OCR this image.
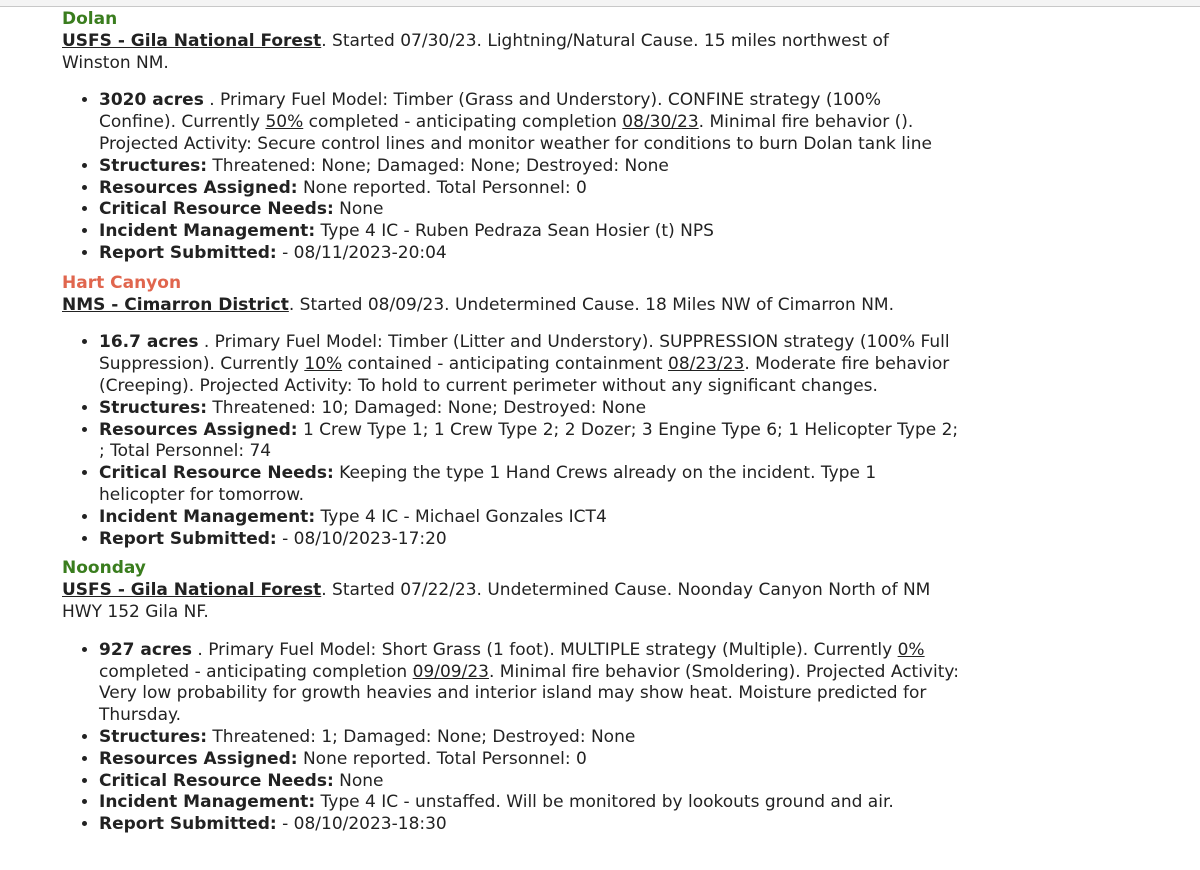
Dolan
USFS - Gila National Forest. Started 07/30/23. Lightning/Natural Cause. 15 miles northwest of Winston NM.
• 3020 acres . Primary Fuel Model: Timber (Grass and Understory). CONFINE strategy (100% Confine). Currently 50% completed - anticipating completion 08/30/23. Minimal fire behavior (). Projected Activity: Secure control lines and monitor weather for conditions to burn Dolan tank line
• Structures: Threatened: None; Damaged: None; Destroyed: None
• Resources Assigned: None reported. Total Personnel: 0
• Critical Resource Needs: None
• Incident Management: Type 4 IC - Ruben Pedraza Sean Hosier (t) NPS
• Report Submitted: - 08/11/2023-20:04
Hart Canyon
NMS - Cimarron District. Started 08/09/23. Undetermined Cause. 18 Miles NW of Cimarron NM.
• 16.7 acres . Primary Fuel Model: Timber (Litter and Understory). SUPPRESSION strategy (100% Full Suppression). Currently 10% contained - anticipating containment 08/23/23. Moderate fire behavior (Creeping). Projected Activity: To hold to current perimeter without any significant changes.
• Structures: Threatened: 10; Damaged: None; Destroyed: None
• Resources Assigned: 1 Crew Type 1; 1 Crew Type 2; 2 Dozer; 3 Engine Type 6; 1 Helicopter Type 2; ; Total Personnel: 74
• Critical Resource Needs: Keeping the type 1 Hand Crews already on the incident. Type 1 helicopter for tomorrow.
• Incident Management: Type 4 IC - Michael Gonzales ICT4
• Report Submitted: - 08/10/2023-17:20
Noonday
USFS - Gila National Forest. Started 07/22/23. Undetermined Cause. Noonday Canyon North of NM HWY 152 Gila NF.
• 927 acres . Primary Fuel Model: Short Grass (1 foot). MULTIPLE strategy (Multiple). Currently 0% completed - anticipating completion 09/09/23. Minimal fire behavior (Smoldering). Projected Activity: Very low probability for growth heavies and interior island may show heat. Moisture predicted for Thursday.
• Structures: Threatened: 1; Damaged: None; Destroyed: None
• Resources Assigned: None reported. Total Personnel: 0
• Critical Resource Needs: None
• Incident Management: Type 4 IC - unstaffed. Will be monitored by lookouts ground and air.
• Report Submitted: - 08/10/2023-18:30
